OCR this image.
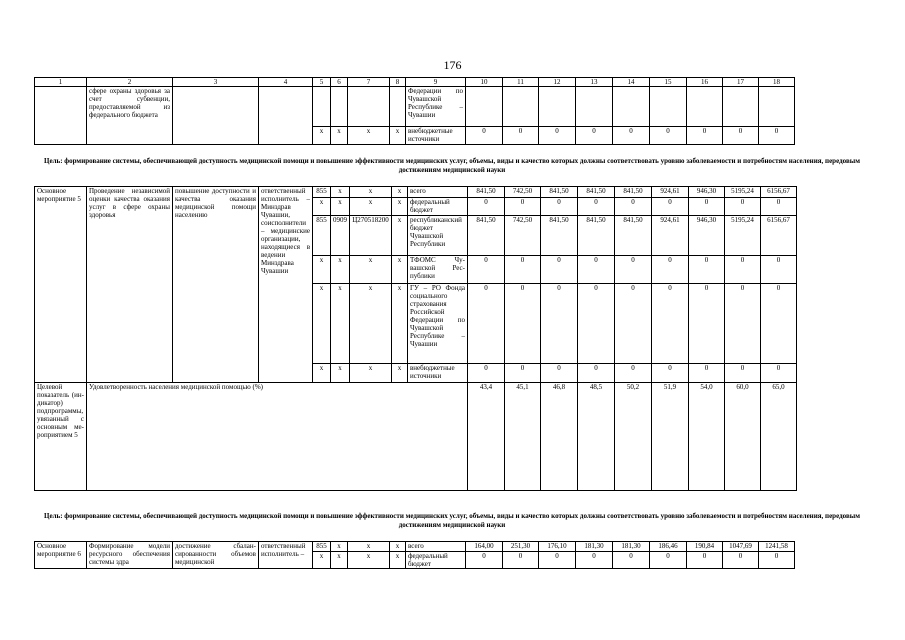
176
1	2	3	4	5	6	7	8	9	10	11	12	13	14	15	16	17	18
	сфере охраны здоровья за счет субвенции, предоставляемой из федерального бюджета							Федерации по Чувашской Республике – Чувашии									
				x	x	x	x	внебюджетные источники	0	0	0	0	0	0	0	0	0
Цель: формирование системы, обеспечивающей доступность медицинской помощи и повышение эффективности медицинских услуг, объемы, виды и качество которых должны соответствовать уровню заболеваемости и потребностям населения, передовым достижениям медицинской науки
Основное мероприятие 5	Проведение независимой оценки качества оказания услуг в сфере охраны здоровья	повышение доступности и качества оказания медицинской помощи населению	ответственный исполнитель – Минздрав Чувашии, соисполнители – медицинские организации, находящиеся в ведении Минздрава Чувашии	855	x	x	x	всего	841,50	742,50	841,50	841,50	841,50	924,61	946,30	5195,24	6156,67
				x	x	x	x	федеральный бюджет	0	0	0	0	0	0	0	0	0
				855	0909	Ц270518200	x	республиканский бюджет Чувашской Республики	841,50	742,50	841,50	841,50	841,50	924,61	946,30	5195,24	6156,67
				x	x	x	x	ТФОМС Чувашской Республики	0	0	0	0	0	0	0	0	0
				x	x	x	x	ГУ – РО Фонда социального страхования Российской Федерации по Чувашской Республике – Чувашии	0	0	0	0	0	0	0	0	0
				x	x	x	x	внебюджетные источники	0	0	0	0	0	0	0	0	0
Целевой показатель (индикатор) подпрограммы, увязанный с основным мероприятием 5	Удовлетворенность населения медицинской помощью (%)								43,4	45,1	46,8	48,5	50,2	51,9	54,0	60,0	65,0
Цель: формирование системы, обеспечивающей доступность медицинской помощи и повышение эффективности медицинских услуг, объемы, виды и качество которых должны соответствовать уровню заболеваемости и потребностям населения, передовым достижениям медицинской науки
Основное мероприятие 6	Формирование модели ресурсного обеспечения системы здра	достижение сбалансированности объемов медицинской	ответственный исполнитель –	855	x	x	x	всего	164,00	251,30	176,10	181,30	181,30	186,46	190,84	1047,69	1241,58
				x	x	x	x	федеральный бюджет	0	0	0	0	0	0	0	0	0
